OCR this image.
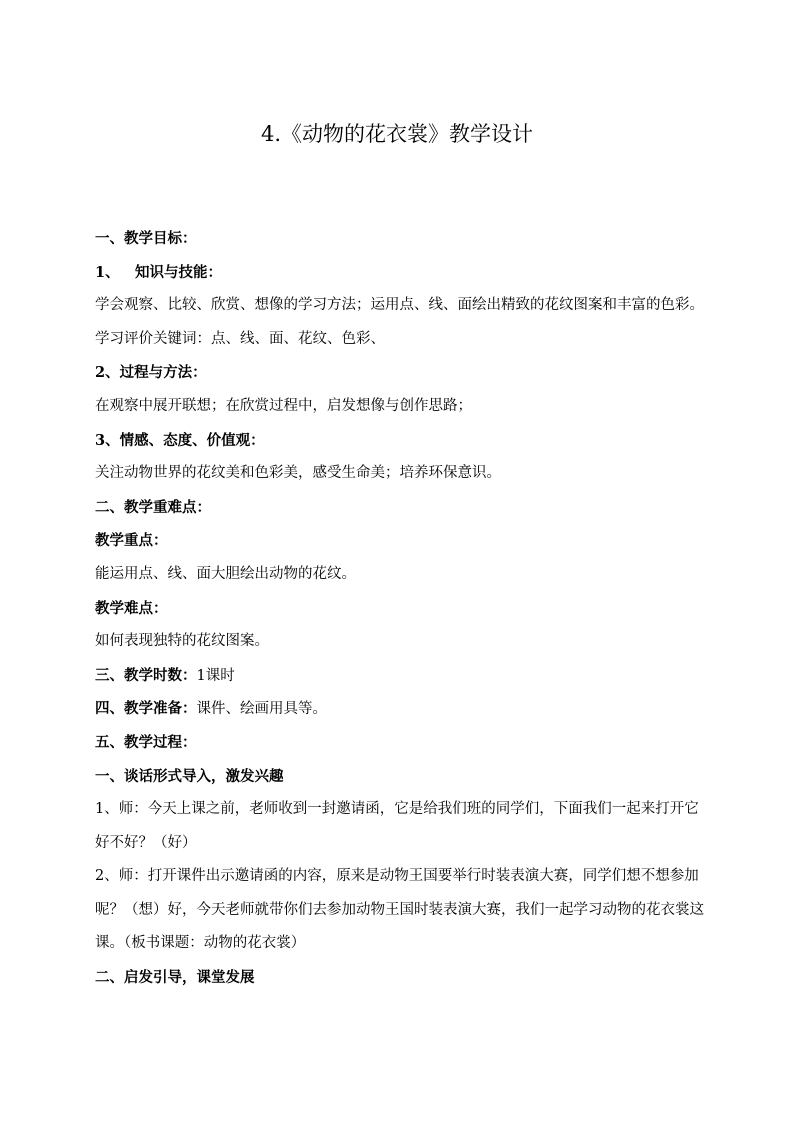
4.《动物的花衣裳》教学设计
一、教学目标：
1、 知识与技能：
学会观察、比较、欣赏、想像的学习方法；运用点、线、面绘出精致的花纹图案和丰富的色彩。
学习评价关键词：点、线、面、花纹、色彩、
2、过程与方法：
在观察中展开联想；在欣赏过程中，启发想像与创作思路；
3、情感、态度、价值观：
关注动物世界的花纹美和色彩美，感受生命美；培养环保意识。
二、教学重难点：
教学重点：
能运用点、线、面大胆绘出动物的花纹。
教学难点：
如何表现独特的花纹图案。
三、教学时数：1课时
四、教学准备：课件、绘画用具等。
五、教学过程：
一、谈话形式导入，激发兴趣
1、师：今天上课之前，老师收到一封邀请函，它是给我们班的同学们，下面我们一起来打开它好不好？（好）
2、师：打开课件出示邀请函的内容，原来是动物王国要举行时装表演大赛，同学们想不想参加呢？（想）好，今天老师就带你们去参加动物王国时装表演大赛，我们一起学习动物的花衣裳这课。（板书课题：动物的花衣裳）
二、启发引导，课堂发展
